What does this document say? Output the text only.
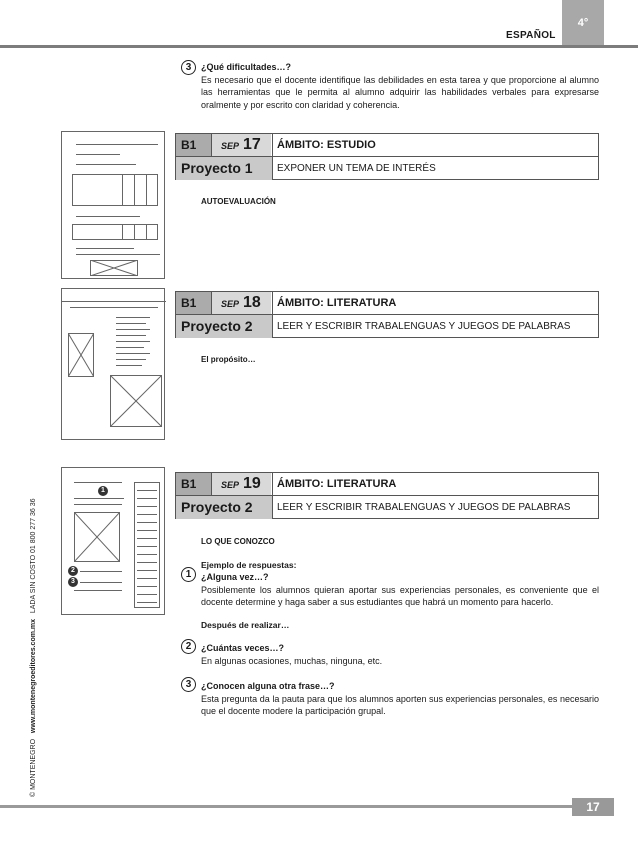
ESPAÑOL
4°
© MONTENEGRO   www.montenegroeditores.com.mx   LADA SIN COSTO 01 800 277 36 36
3	¿Qué dificultades…?
Es necesario que el docente identifique las debilidades en esta tarea y que proporcione al alumno las herramientas que le permita al alumno adquirir las habilidades verbales para expresarse oralmente y por escrito con claridad y coherencia.
B1	SEP 17	ÁMBITO: ESTUDIO
Proyecto 1	EXPONER UN TEMA DE INTERÉS
AUTOEVALUACIÓN
B1	SEP 18	ÁMBITO: LITERATURA
Proyecto 2	LEER Y ESCRIBIR TRABALENGUAS Y JUEGOS DE PALABRAS
El propósito…
1
2
3
B1	SEP 19	ÁMBITO: LITERATURA
Proyecto 2	LEER Y ESCRIBIR TRABALENGUAS Y JUEGOS DE PALABRAS
LO QUE CONOZCO
Ejemplo de respuestas:
1	¿Alguna vez…?
Posiblemente los alumnos quieran aportar sus experiencias personales, es conveniente que el docente determine y haga saber a sus estudiantes que habrá un momento para hacerlo.
Después de realizar…
2	¿Cuántas veces…?
En algunas ocasiones, muchas, ninguna, etc.
3	¿Conocen alguna otra frase…?
Esta pregunta da la pauta para que los alumnos aporten sus experiencias personales, es necesario que el docente modere la participación grupal.
17
